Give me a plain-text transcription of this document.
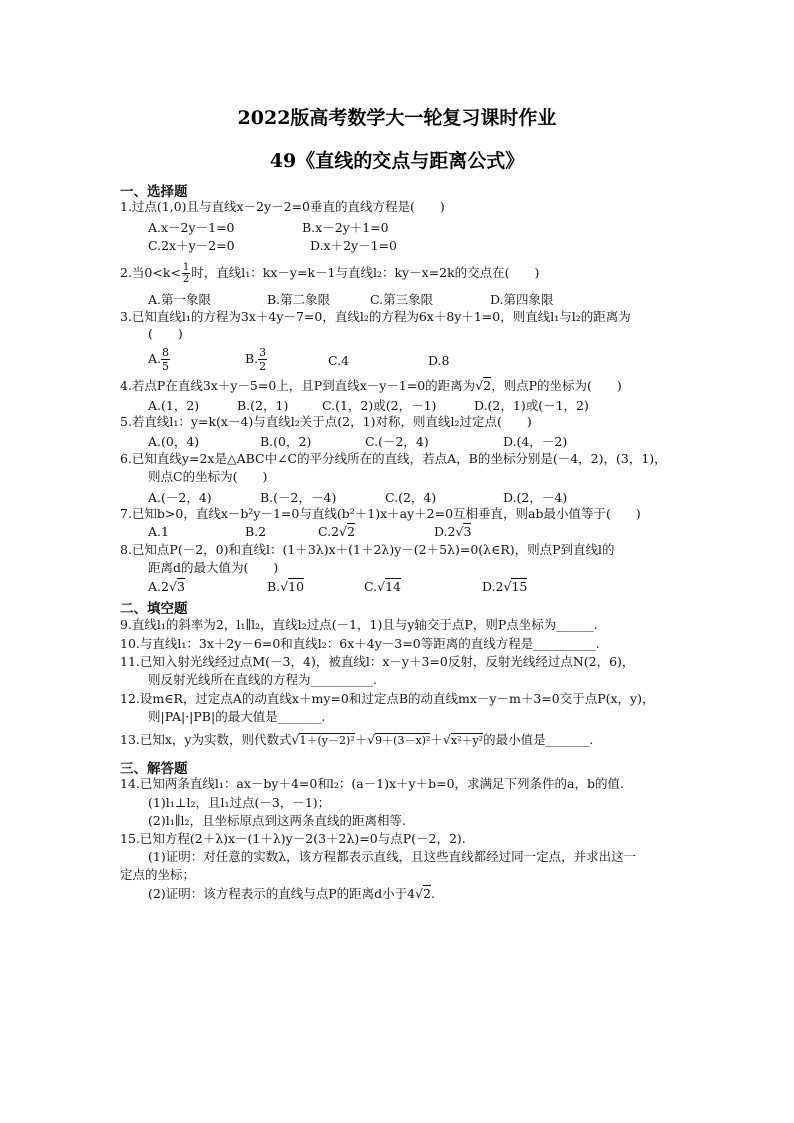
2022版高考数学大一轮复习课时作业
49《直线的交点与距离公式》
一、选择题
1.过点(1,0)且与直线x－2y－2=0垂直的直线方程是(　　)
A.x－2y－1=0	B.x－2y＋1=0
C.2x＋y－2=0	D.x＋2y－1=0
2.当$0<k< \frac{1}{2}$ 时，直线l₁：kx－y=k－1与直线l₂：ky－x=2k的交点在(　　)
A.第一象限	B.第二象限	C.第三象限	D.第四象限
3.已知直线l₁的方程为3x＋4y－7=0，直线l₂的方程为6x＋8y＋1=0，则直线l₁与l₂的距离为
(　　)
A. $\frac{8}{5}$	B. $\frac{3}{2}$	C.4	D.8
4.若点P在直线3x＋y－5=0上，且P到直线x－y－1=0的距离为√2，则点P的坐标为(　　)
A.(1，2)	B.(2，1)	C.(1，2)或(2，－1)	D.(2，1)或(－1，2)
5.若直线l₁：y=k(x－4)与直线l₂关于点(2，1)对称，则直线l₂过定点(　　)
A.(0，4)	B.(0，2)	C.(－2，4)	D.(4，－2)
6.已知直线y=2x是△ABC中∠C的平分线所在的直线，若点A，B的坐标分别是(－4，2)，(3，1)，
则点C的坐标为(　　)
A.(－2，4)	B.(－2，－4)	C.(2，4)	D.(2，－4)
7.已知b>0，直线x－b²y－1=0与直线(b²＋1)x＋ay＋2=0互相垂直，则ab最小值等于(　　)
A.1	B.2	C.2√2	D.2√3
8.已知点P(－2，0)和直线l：(1＋3λ)x＋(1＋2λ)y－(2＋5λ)=0(λ∈R)，则点P到直线l的
距离d的最大值为(　　)
A.2√3	B.√10	C.√14	D.2√15
二、填空题
9.直线l₁的斜率为2，l₁∥l₂，直线l₂过点(－1，1)且与y轴交于点P，则P点坐标为______.
10.与直线l₁：3x＋2y－6=0和直线l₂：6x＋4y－3=0等距离的直线方程是__________.
11.已知入射光线经过点M(－3，4)，被直线l：x－y＋3=0反射，反射光线经过点N(2，6)，
则反射光线所在直线的方程为__________.
12.设m∈R，过定点A的动直线x＋my=0和过定点B的动直线mx－y－m＋3=0交于点P(x，y)，
则|PA|·|PB|的最大值是_______.
13.已知x，y为实数，则代数式√1＋(y－2)²＋√9＋(3－x)²＋√x²＋y²的最小值是_______.
三、解答题
14.已知两条直线l₁：ax－by＋4=0和l₂：(a－1)x＋y＋b=0，求满足下列条件的a，b的值.
(1)l₁⊥l₂，且l₁过点(－3，－1)；
(2)l₁∥l₂，且坐标原点到这两条直线的距离相等.
15.已知方程(2＋λ)x－(1＋λ)y－2(3＋2λ)=0与点P(－2，2).
(1)证明：对任意的实数λ，该方程都表示直线，且这些直线都经过同一定点，并求出这一
定点的坐标；
(2)证明：该方程表示的直线与点P的距离d小于4√2.
